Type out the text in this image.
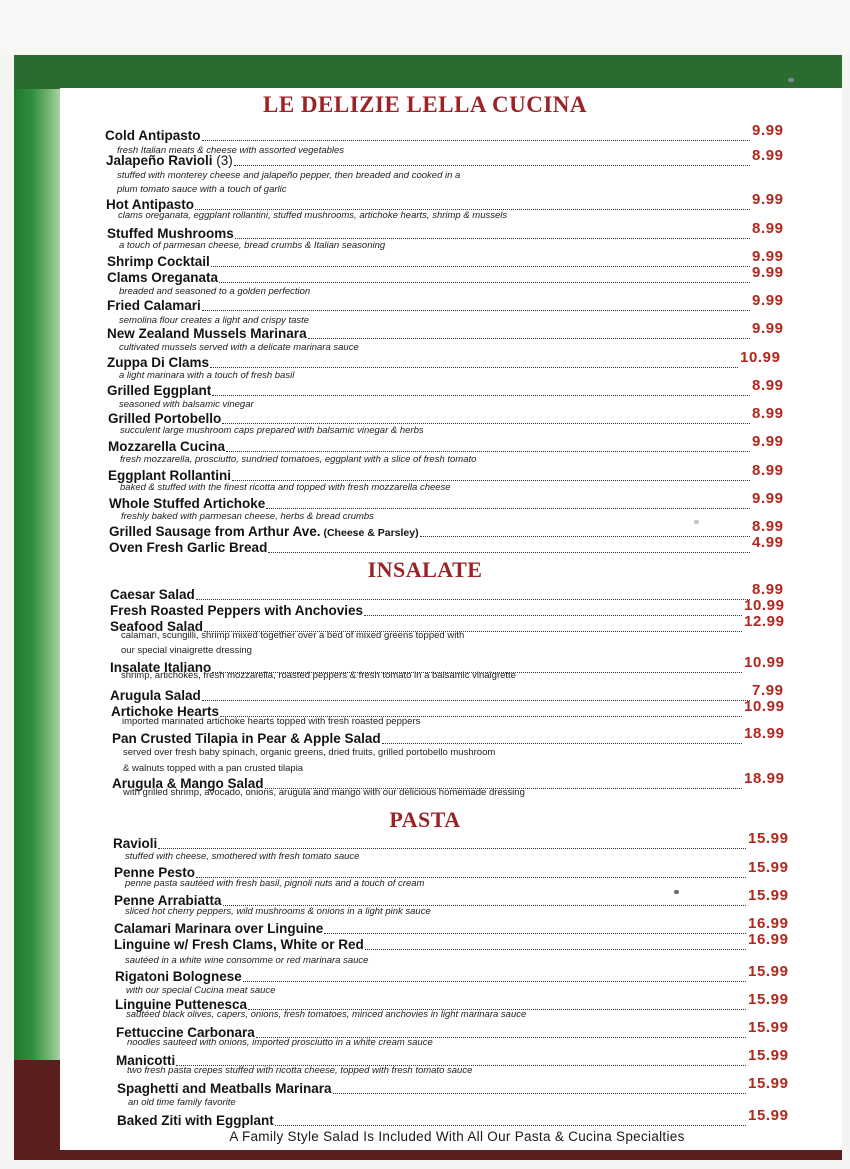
LE DELIZIE LELLA CUCINA
Cold Antipasto	9.99
fresh Italian meats & cheese with assorted vegetables
Jalapeño Ravioli (3)	8.99
stuffed with monterey cheese and jalapeño pepper, then breaded and cooked in a
plum tomato sauce with a touch of garlic
Hot Antipasto	9.99
clams oreganata, eggplant rollantini, stuffed mushrooms, artichoke hearts, shrimp & mussels
Stuffed Mushrooms	8.99
a touch of parmesan cheese, bread crumbs & Italian seasoning
Shrimp Cocktail	9.99
Clams Oreganata	9.99
breaded and seasoned to a golden perfection
Fried Calamari	9.99
semolina flour creates a light and crispy taste
New Zealand Mussels Marinara	9.99
cultivated mussels served with a delicate marinara sauce
Zuppa Di Clams	10.99
a light marinara with a touch of fresh basil
Grilled Eggplant	8.99
seasoned with balsamic vinegar
Grilled Portobello	8.99
succulent large mushroom caps prepared with balsamic vinegar & herbs
Mozzarella Cucina	9.99
fresh mozzarella, prosciutto, sundried tomatoes, eggplant with a slice of fresh tomato
Eggplant Rollantini	8.99
baked & stuffed with the finest ricotta and topped with fresh mozzarella cheese
Whole Stuffed Artichoke	9.99
freshly baked with parmesan cheese, herbs & bread crumbs
Grilled Sausage from Arthur Ave. (Cheese & Parsley)	8.99
Oven Fresh Garlic Bread	4.99
INSALATE
Caesar Salad	8.99
Fresh Roasted Peppers with Anchovies	10.99
Seafood Salad	12.99
calamari, scungilli, shrimp mixed together over a bed of mixed greens topped with
our special vinaigrette dressing
Insalate Italiano	10.99
shrimp, artichokes, fresh mozzarella, roasted peppers & fresh tomato in a balsamic vinaigrette
Arugula Salad	7.99
Artichoke Hearts	10.99
imported marinated artichoke hearts topped with fresh roasted peppers
Pan Crusted Tilapia in Pear & Apple Salad	18.99
served over fresh baby spinach, organic greens, dried fruits, grilled portobello mushroom
& walnuts topped with a pan crusted tilapia
Arugula & Mango Salad	18.99
with grilled shrimp, avocado, onions, arugula and mango with our delicious homemade dressing
PASTA
Ravioli	15.99
stuffed with cheese, smothered with fresh tomato sauce
Penne Pesto	15.99
penne pasta sautéed with fresh basil, pignoli nuts and a touch of cream
Penne Arrabiatta	15.99
sliced hot cherry peppers, wild mushrooms & onions in a light pink sauce
Calamari Marinara over Linguine	16.99
Linguine w/ Fresh Clams, White or Red	16.99
sautéed in a white wine consomme or red marinara sauce
Rigatoni Bolognese	15.99
with our special Cucina meat sauce
Linguine Puttenesca	15.99
sautéed black olives, capers, onions, fresh tomatoes, minced anchovies in light marinara sauce
Fettuccine Carbonara	15.99
noodles sauteed with onions, imported prosciutto in a white cream sauce
Manicotti	15.99
two fresh pasta crepes stuffed with ricotta cheese, topped with fresh tomato sauce
Spaghetti and Meatballs Marinara	15.99
an old time family favorite
Baked Ziti with Eggplant	15.99
A Family Style Salad Is Included With All Our Pasta & Cucina Specialties
